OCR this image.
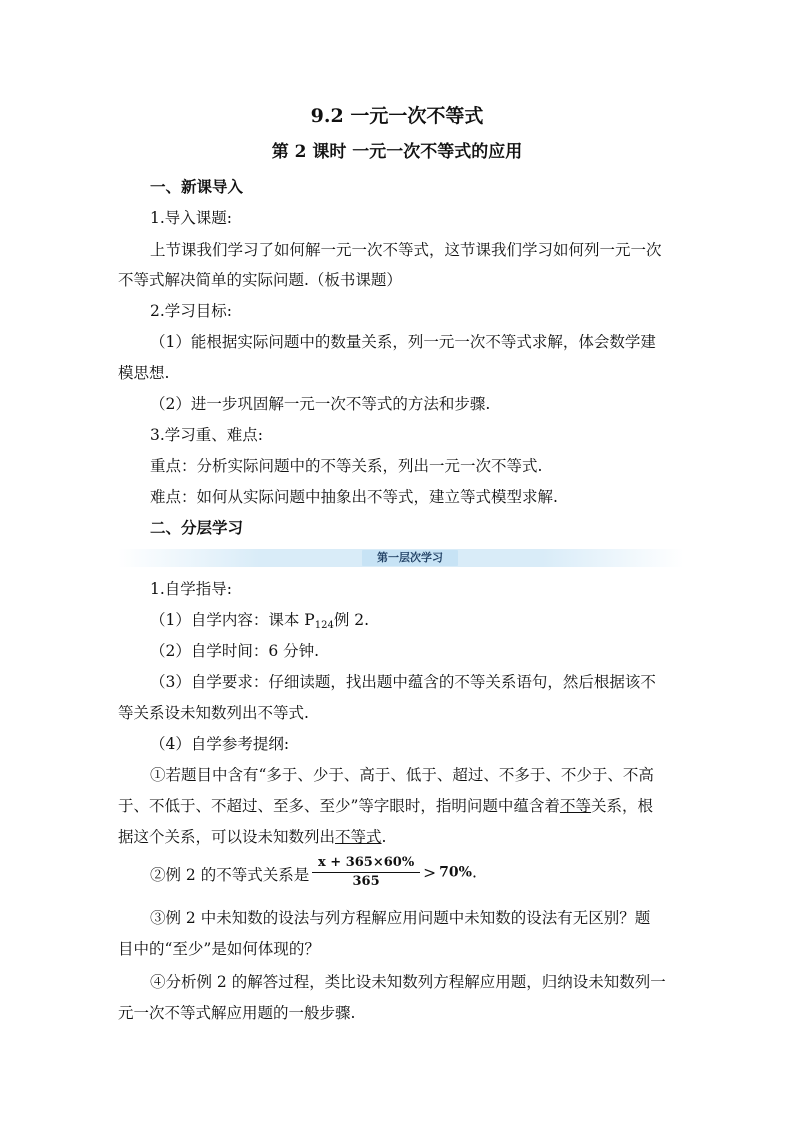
9.2 一元一次不等式
第 2 课时 一元一次不等式的应用
一、新课导入
1.导入课题:
上节课我们学习了如何解一元一次不等式，这节课我们学习如何列一元一次
不等式解决简单的实际问题.（板书课题）
2.学习目标:
（1）能根据实际问题中的数量关系，列一元一次不等式求解，体会数学建
模思想.
（2）进一步巩固解一元一次不等式的方法和步骤.
3.学习重、难点:
重点：分析实际问题中的不等关系，列出一元一次不等式.
难点：如何从实际问题中抽象出不等式，建立等式模型求解.
二、分层学习
第一层次学习
1.自学指导:
（1）自学内容：课本 $P_{124}$例 2.
（2）自学时间：6 分钟.
（3）自学要求：仔细读题，找出题中蕴含的不等关系语句，然后根据该不
等关系设未知数列出不等式.
（4）自学参考提纲:
①若题目中含有“多于、少于、高于、低于、超过、不多于、不少于、不高
于、不低于、不超过、至多、至少”等字眼时，指明问题中蕴含着不等关系，根
据这个关系，可以设未知数列出不等式.
②例 2 的不等式关系是 $\frac{x + 365\times 60\%}{365} > 70\%$.
③例 2 中未知数的设法与列方程解应用问题中未知数的设法有无区别？题
目中的“至少”是如何体现的？
④分析例 2 的解答过程，类比设未知数列方程解应用题，归纳设未知数列一
元一次不等式解应用题的一般步骤.
